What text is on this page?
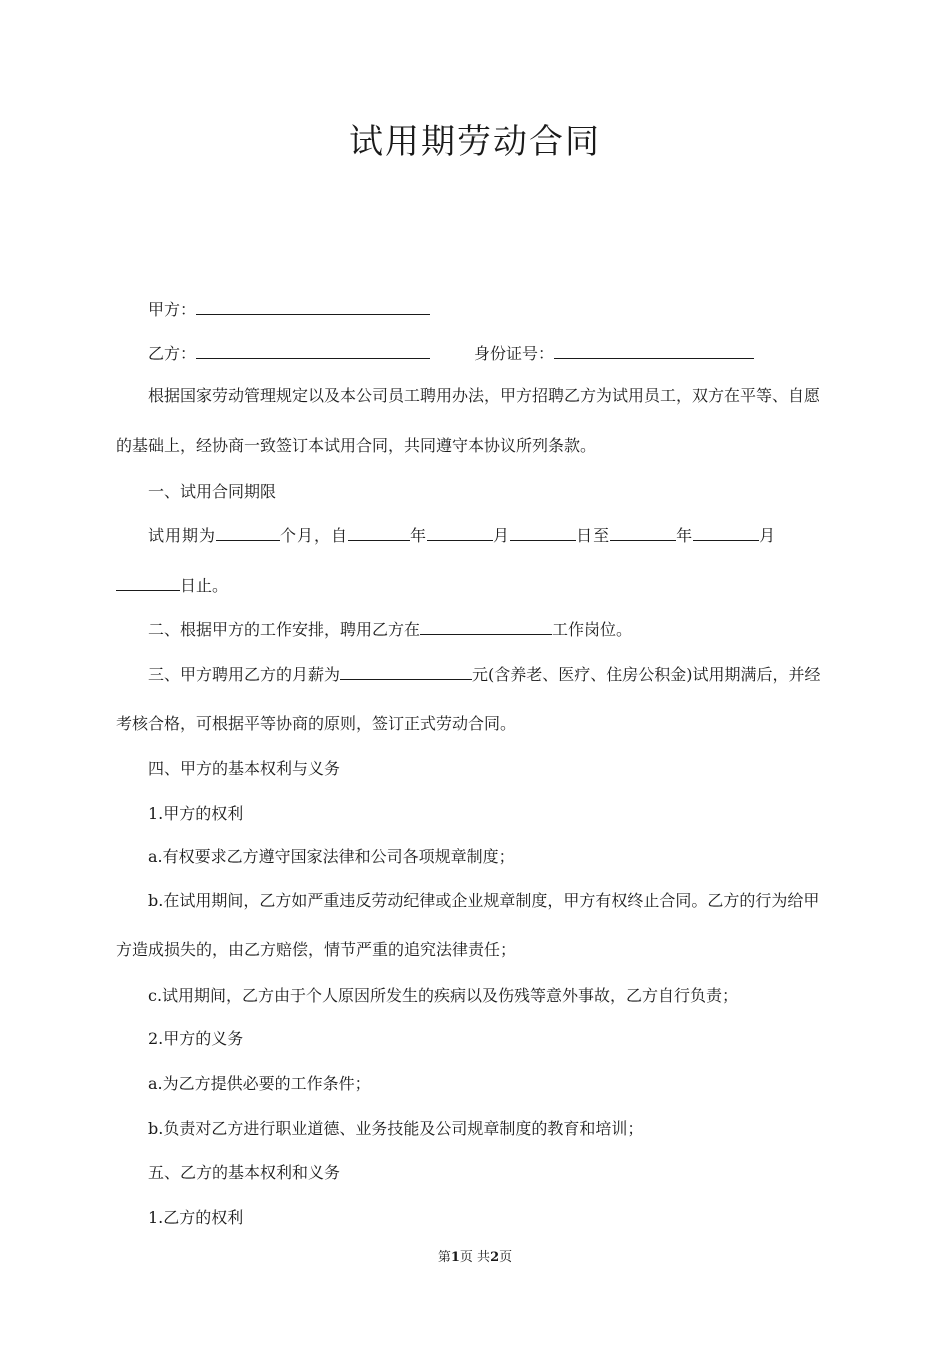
试用期劳动合同
甲方：
乙方：	身份证号：
根据国家劳动管理规定以及本公司员工聘用办法，甲方招聘乙方为试用员工，双方在平等、自愿
的基础上，经协商一致签订本试用合同，共同遵守本协议所列条款。
一、试用合同期限
试用期为	个月，自	年	月	日至	年	月
日止。
二、根据甲方的工作安排，聘用乙方在	工作岗位。
三、甲方聘用乙方的月薪为	元(含养老、医疗、住房公积金)试用期满后，并经
考核合格，可根据平等协商的原则，签订正式劳动合同。
四、甲方的基本权利与义务
1.甲方的权利
a.有权要求乙方遵守国家法律和公司各项规章制度；
b.在试用期间，乙方如严重违反劳动纪律或企业规章制度，甲方有权终止合同。乙方的行为给甲
方造成损失的，由乙方赔偿，情节严重的追究法律责任；
c.试用期间，乙方由于个人原因所发生的疾病以及伤残等意外事故，乙方自行负责；
2.甲方的义务
a.为乙方提供必要的工作条件；
b.负责对乙方进行职业道德、业务技能及公司规章制度的教育和培训；
五、乙方的基本权利和义务
1.乙方的权利
第1页 共2页
